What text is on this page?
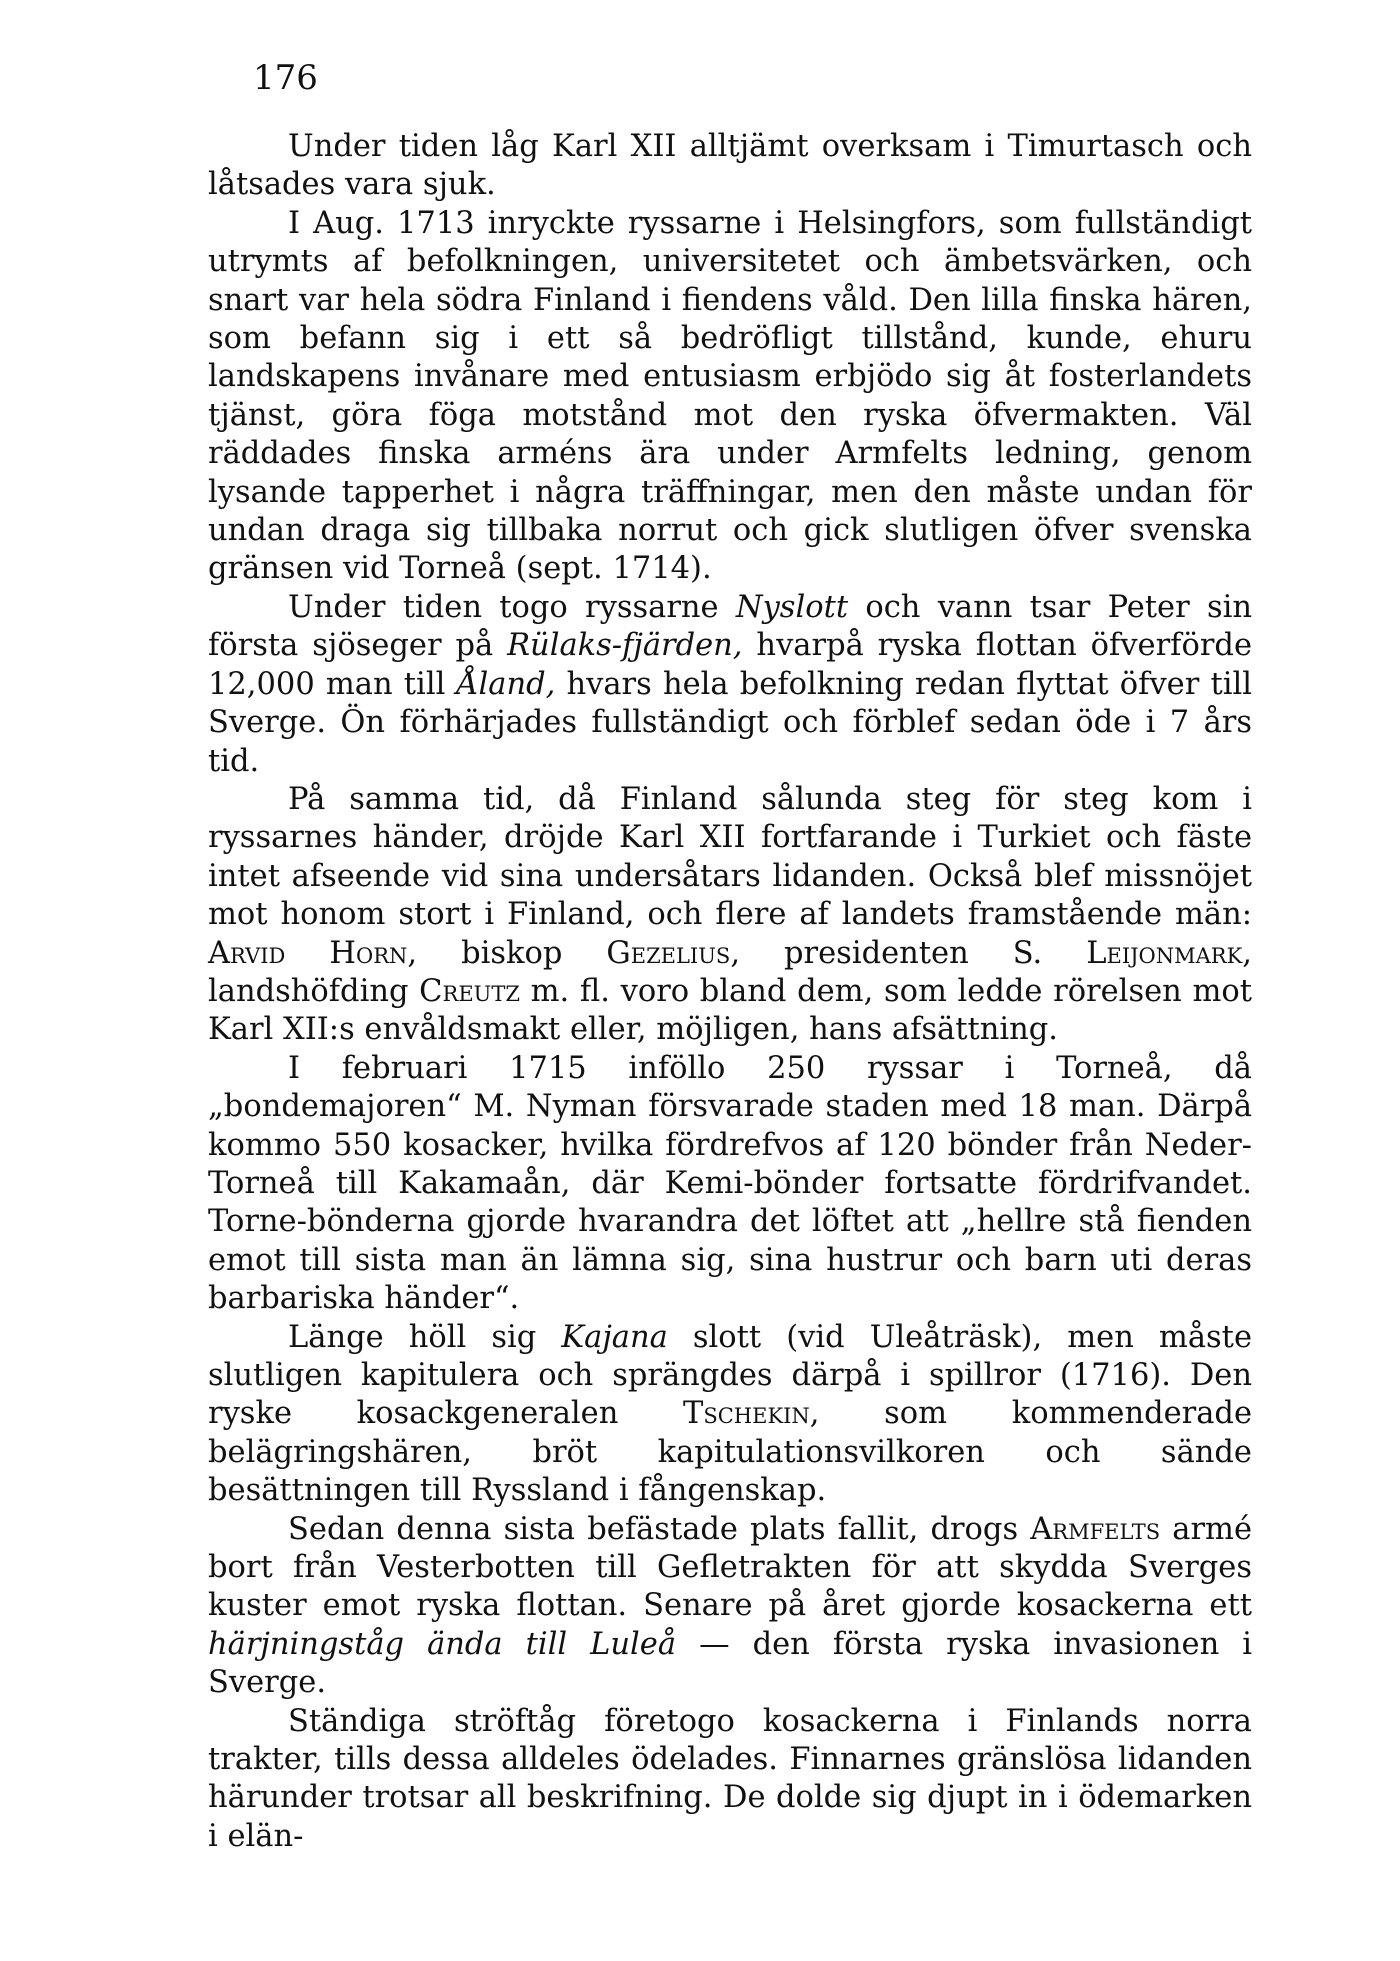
176

Under tiden låg Karl XII alltjämt overksam i Timurtasch och låtsades vara sjuk.

I Aug. 1713 inryckte ryssarne i Helsingfors, som fullständigt utrymts af befolkningen, universitetet och ämbetsvärken, och snart var hela södra Finland i fiendens våld. Den lilla finska hären, som befann sig i ett så bedröfligt tillstånd, kunde, ehuru landskapens invånare med entusiasm erbjödo sig åt fosterlandets tjänst, göra föga motstånd mot den ryska öfvermakten. Väl räddades finska arméns ära under Armfelts ledning, genom lysande tapperhet i några träffningar, men den måste undan för undan draga sig tillbaka norrut och gick slutligen öfver svenska gränsen vid Torneå (sept. 1714).

Under tiden togo ryssarne Nyslott och vann tsar Peter sin första sjöseger på Rülaks-fjärden, hvarpå ryska flottan öfverförde 12,000 man till Åland, hvars hela befolkning redan flyttat öfver till Sverge. Ön förhärjades fullständigt och förblef sedan öde i 7 års tid.

På samma tid, då Finland sålunda steg för steg kom i ryssarnes händer, dröjde Karl XII fortfarande i Turkiet och fäste intet afseende vid sina undersåtars lidanden. Också blef missnöjet mot honom stort i Finland, och flere af landets framstående män: Arvid Horn, biskop Gezelius, presidenten S. Leijonmark, landshöfding Creutz m. fl. voro bland dem, som ledde rörelsen mot Karl XII:s envåldsmakt eller, möjligen, hans afsättning.

I februari 1715 inföllo 250 ryssar i Torneå, då „bondemajoren“ M. Nyman försvarade staden med 18 man. Därpå kommo 550 kosacker, hvilka fördrefvos af 120 bönder från Neder-Torneå till Kakamaån, där Kemi-bönder fortsatte fördrifvandet. Torne-bönderna gjorde hvarandra det löftet att „hellre stå fienden emot till sista man än lämna sig, sina hustrur och barn uti deras barbariska händer“.

Länge höll sig Kajana slott (vid Uleåträsk), men måste slutligen kapitulera och sprängdes därpå i spillror (1716). Den ryske kosackgeneralen Tschekin, som kommenderade belägringshären, bröt kapitulationsvilkoren och sände besättningen till Ryssland i fångenskap.

Sedan denna sista befästade plats fallit, drogs Armfelts armé bort från Vesterbotten till Gefletrakten för att skydda Sverges kuster emot ryska flottan. Senare på året gjorde kosackerna ett härjningståg ända till Luleå — den första ryska invasionen i Sverge.

Ständiga ströftåg företogo kosackerna i Finlands norra trakter, tills dessa alldeles ödelades. Finnarnes gränslösa lidanden härunder trotsar all beskrifning. De dolde sig djupt in i ödemarken i elän-
